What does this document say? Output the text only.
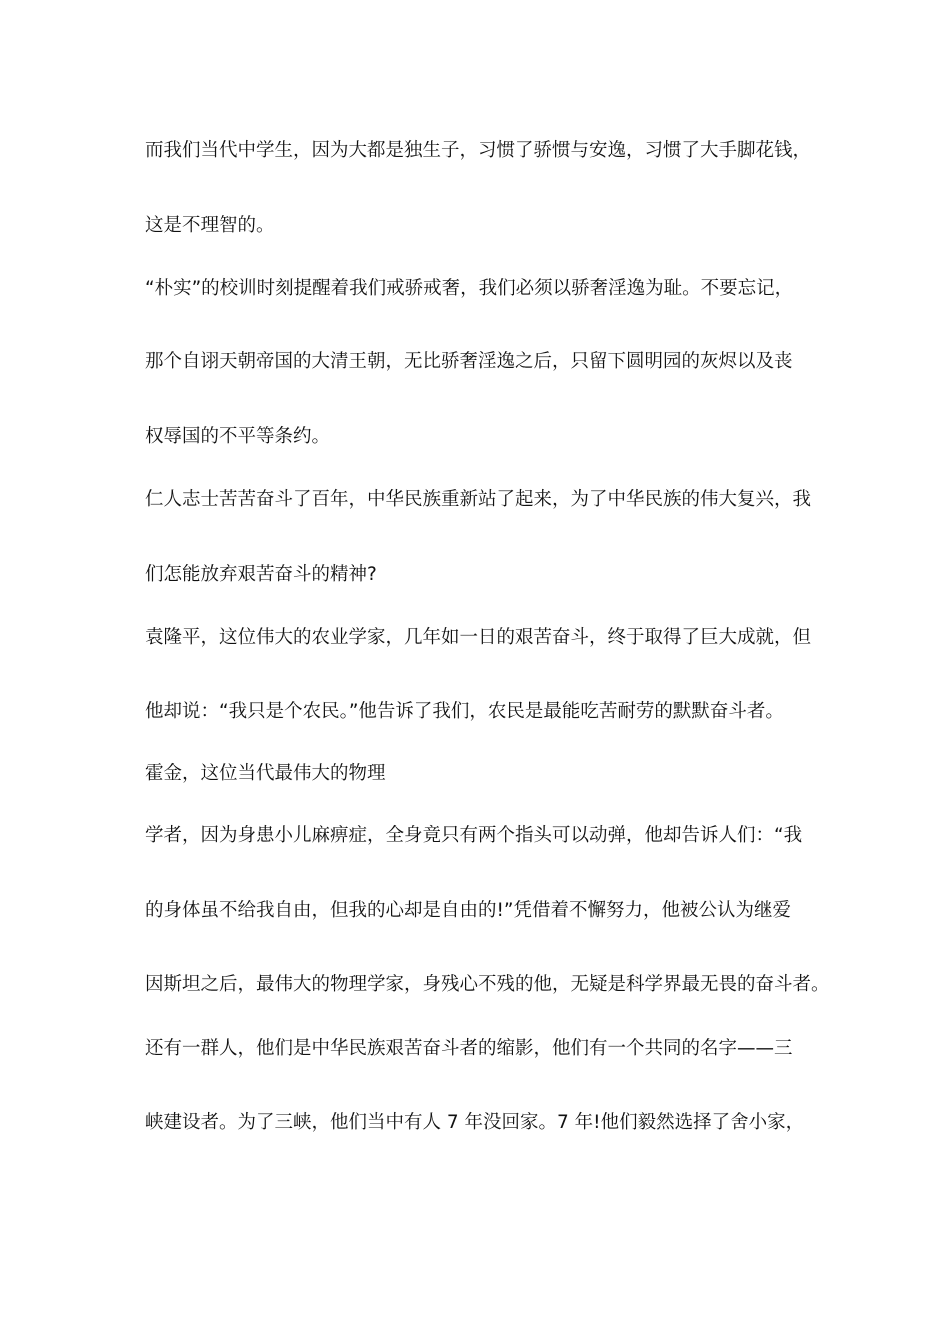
而我们当代中学生，因为大都是独生子，习惯了骄惯与安逸，习惯了大手脚花钱，

这是不理智的。

“朴实”的校训时刻提醒着我们戒骄戒奢，我们必须以骄奢淫逸为耻。不要忘记，

那个自诩天朝帝国的大清王朝，无比骄奢淫逸之后，只留下圆明园的灰烬以及丧

权辱国的不平等条约。

仁人志士苦苦奋斗了百年，中华民族重新站了起来，为了中华民族的伟大复兴，我

们怎能放弃艰苦奋斗的精神?

袁隆平，这位伟大的农业学家，几年如一日的艰苦奋斗，终于取得了巨大成就，但

他却说：“我只是个农民。”他告诉了我们，农民是最能吃苦耐劳的默默奋斗者。

霍金，这位当代最伟大的物理

学者，因为身患小儿麻痹症，全身竟只有两个指头可以动弹，他却告诉人们：“我

的身体虽不给我自由，但我的心却是自由的!”凭借着不懈努力，他被公认为继爱

因斯坦之后，最伟大的物理学家，身残心不残的他，无疑是科学界最无畏的奋斗者。

还有一群人，他们是中华民族艰苦奋斗者的缩影，他们有一个共同的名字——三

峡建设者。为了三峡，他们当中有人 7 年没回家。7 年!他们毅然选择了舍小家，
